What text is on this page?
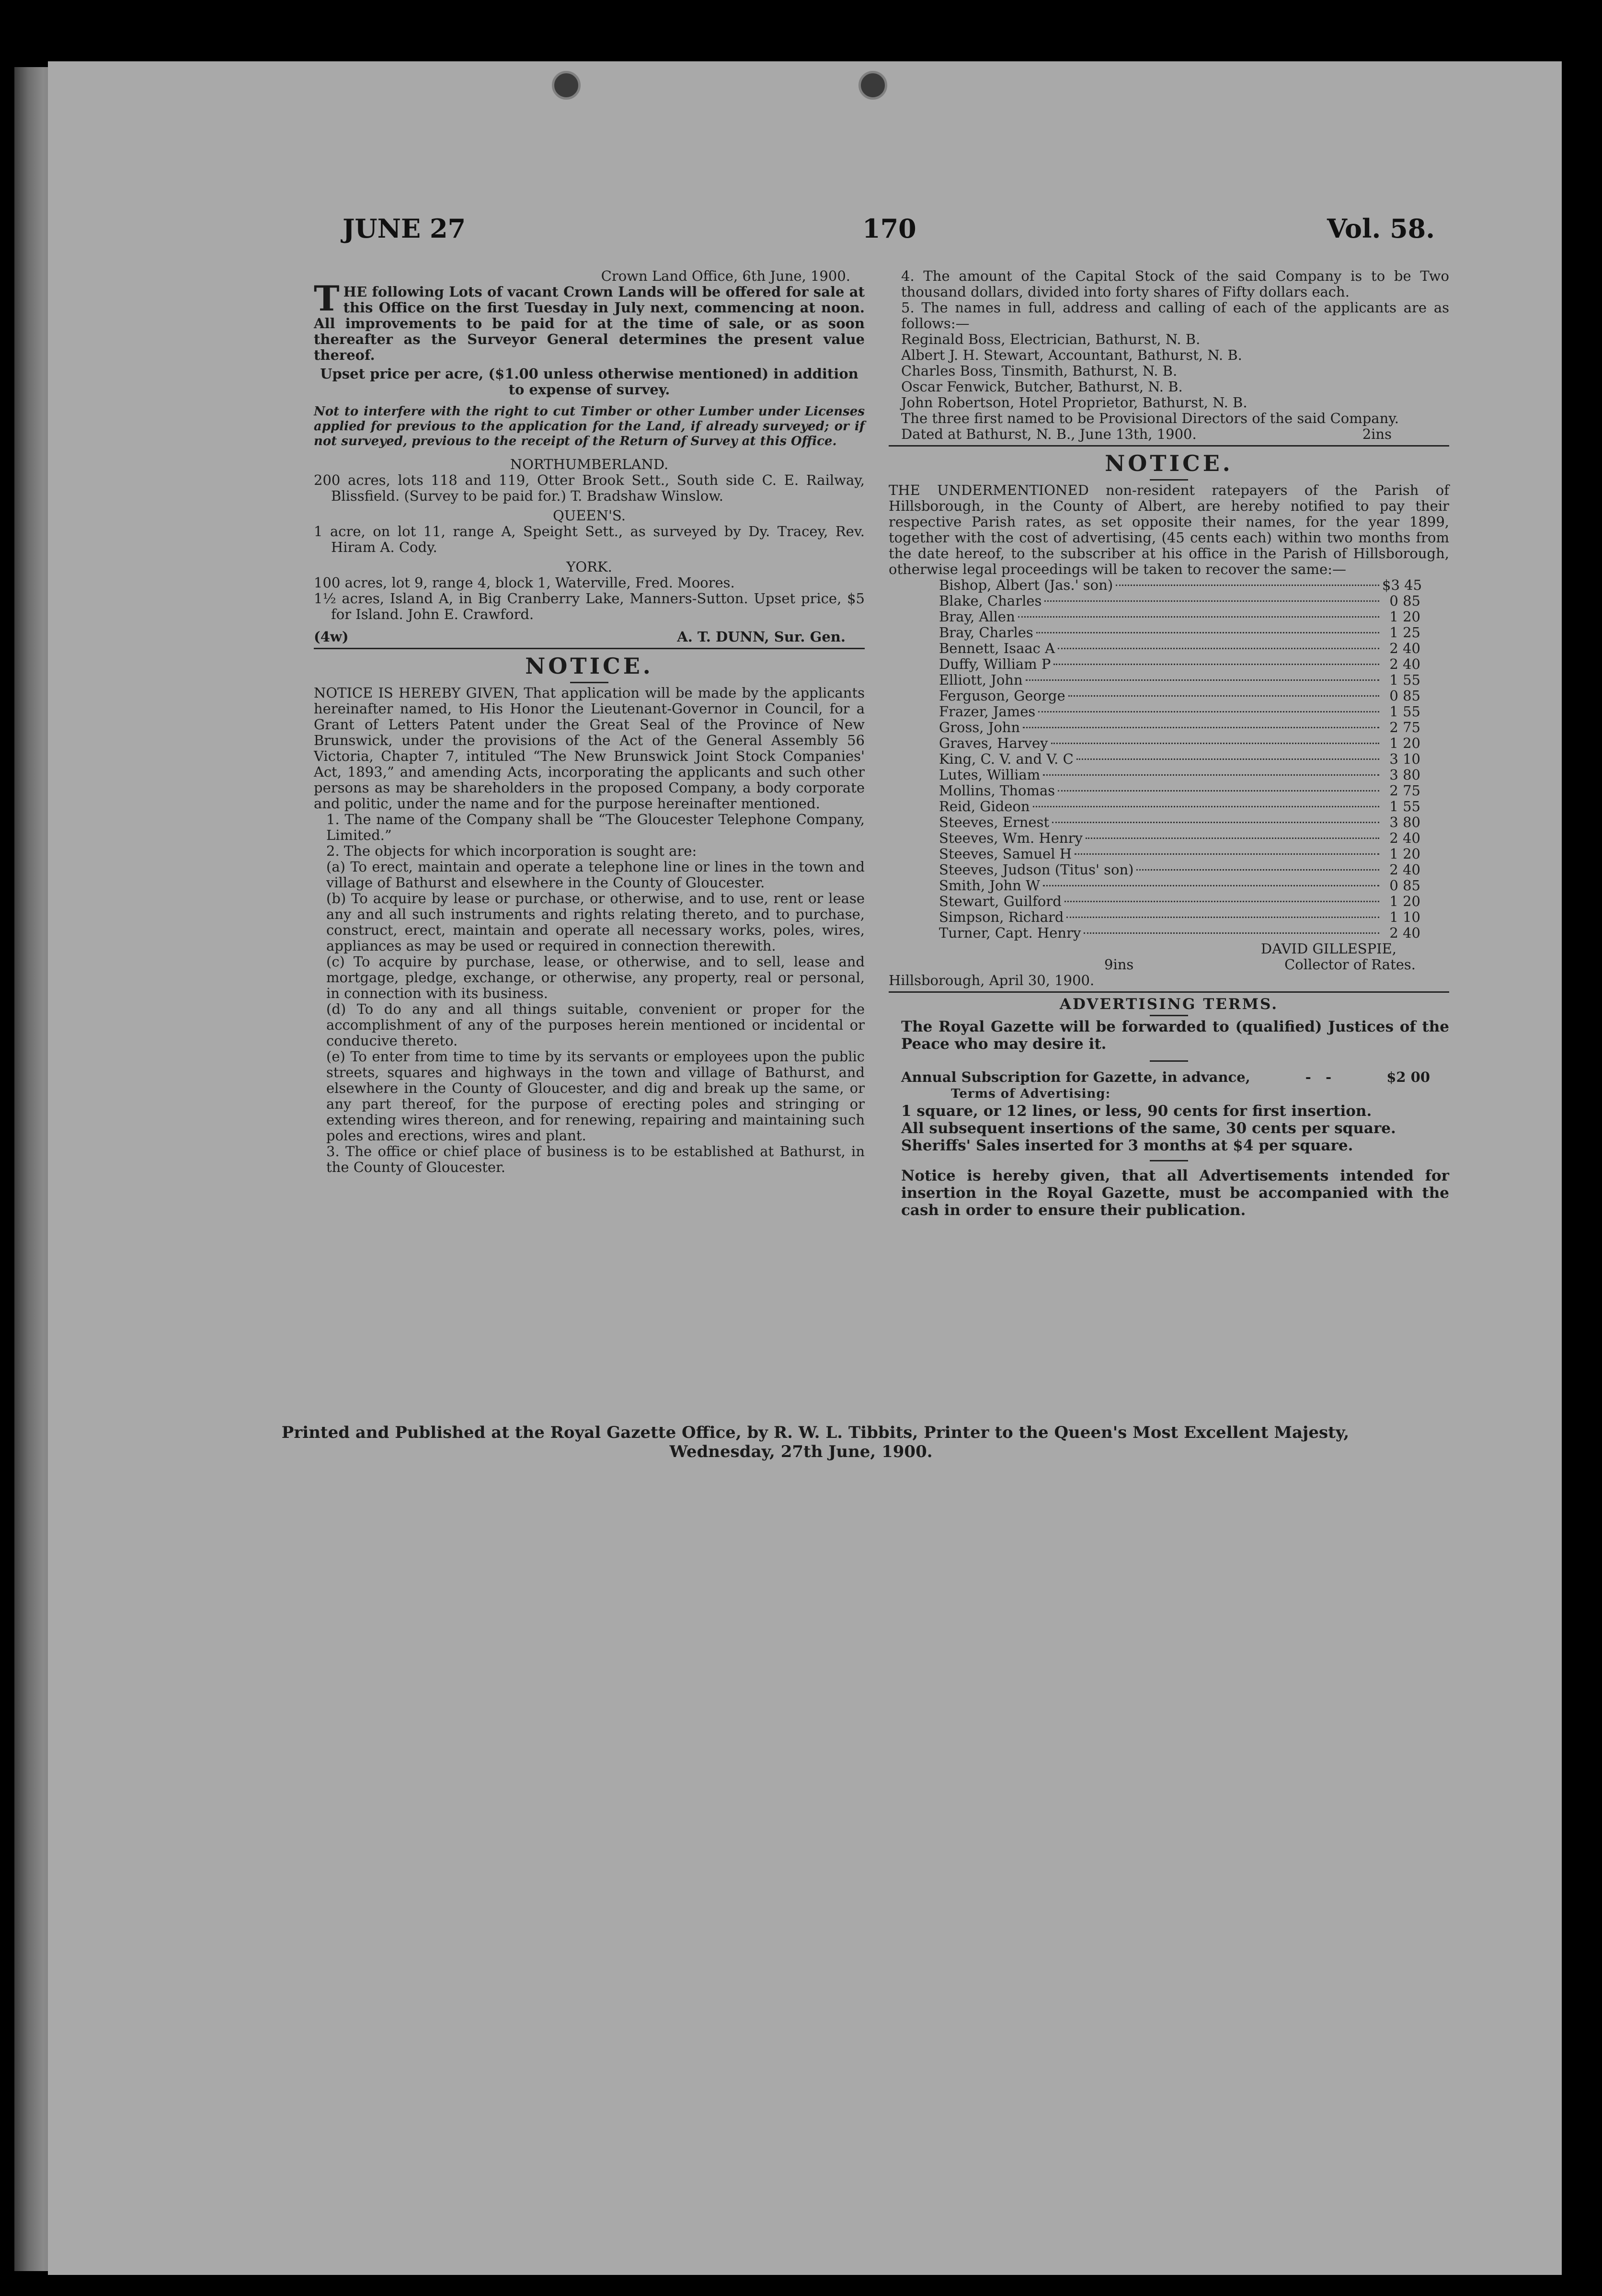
JUNE 27	170	Vol. 58.

Crown Land Office, 6th June, 1900.

THE following Lots of vacant Crown Lands will be offered for sale at this Office on the first Tuesday in July next, commencing at noon. All improvements to be paid for at the time of sale, or as soon thereafter as the Surveyor General determines the present value thereof.

Upset price per acre, ($1.00 unless otherwise mentioned) in addition to expense of survey.

Not to interfere with the right to cut Timber or other Lumber under Licenses applied for previous to the application for the Land, if already surveyed; or if not surveyed, previous to the receipt of the Return of Survey at this Office.

NORTHUMBERLAND.

200 acres, lots 118 and 119, Otter Brook Sett., South side C. E. Railway, Blissfield. (Survey to be paid for.) T. Bradshaw Winslow.

QUEEN'S.

1 acre, on lot 11, range A, Speight Sett., as surveyed by Dy. Tracey, Rev. Hiram A. Cody.

YORK.

100 acres, lot 9, range 4, block 1, Waterville, Fred. Moores.

1½ acres, Island A, in Big Cranberry Lake, Manners-Sutton. Upset price, $5 for Island. John E. Crawford.

(4w)	A. T. DUNN, Sur. Gen.

NOTICE.

NOTICE IS HEREBY GIVEN, That application will be made by the applicants hereinafter named, to His Honor the Lieutenant-Governor in Council, for a Grant of Letters Patent under the Great Seal of the Province of New Brunswick, under the provisions of the Act of the General Assembly 56 Victoria, Chapter 7, intituled “The New Brunswick Joint Stock Companies' Act, 1893,” and amending Acts, incorporating the applicants and such other persons as may be shareholders in the proposed Company, a body corporate and politic, under the name and for the purpose hereinafter mentioned.

1. The name of the Company shall be “The Gloucester Telephone Company, Limited.”

2. The objects for which incorporation is sought are:

(a) To erect, maintain and operate a telephone line or lines in the town and village of Bathurst and elsewhere in the County of Gloucester.

(b) To acquire by lease or purchase, or otherwise, and to use, rent or lease any and all such instruments and rights relating thereto, and to purchase, construct, erect, maintain and operate all necessary works, poles, wires, appliances as may be used or required in connection therewith.

(c) To acquire by purchase, lease, or otherwise, and to sell, lease and mortgage, pledge, exchange, or otherwise, any property, real or personal, in connection with its business.

(d) To do any and all things suitable, convenient or proper for the accomplishment of any of the purposes herein mentioned or incidental or conducive thereto.

(e) To enter from time to time by its servants or employees upon the public streets, squares and highways in the town and village of Bathurst, and elsewhere in the County of Gloucester, and dig and break up the same, or any part thereof, for the purpose of erecting poles and stringing or extending wires thereon, and for renewing, repairing and maintaining such poles and erections, wires and plant.

3. The office or chief place of business is to be established at Bathurst, in the County of Gloucester.

4. The amount of the Capital Stock of the said Company is to be Two thousand dollars, divided into forty shares of Fifty dollars each.

5. The names in full, address and calling of each of the applicants are as follows:—

Reginald Boss, Electrician, Bathurst, N. B.

Albert J. H. Stewart, Accountant, Bathurst, N. B.

Charles Boss, Tinsmith, Bathurst, N. B.

Oscar Fenwick, Butcher, Bathurst, N. B.

John Robertson, Hotel Proprietor, Bathurst, N. B.

The three first named to be Provisional Directors of the said Company.

Dated at Bathurst, N. B., June 13th, 1900.	2ins

NOTICE.

THE UNDERMENTIONED non-resident ratepayers of the Parish of Hillsborough, in the County of Albert, are hereby notified to pay their respective Parish rates, as set opposite their names, for the year 1899, together with the cost of advertising, (45 cents each) within two months from the date hereof, to the subscriber at his office in the Parish of Hillsborough, otherwise legal proceedings will be taken to recover the same:—

Bishop, Albert (Jas.' son)	$3 45
Blake, Charles	0 85
Bray, Allen	1 20
Bray, Charles	1 25
Bennett, Isaac A	2 40
Duffy, William P	2 40
Elliott, John	1 55
Ferguson, George	0 85
Frazer, James	1 55
Gross, John	2 75
Graves, Harvey	1 20
King, C. V. and V. C	3 10
Lutes, William	3 80
Mollins, Thomas	2 75
Reid, Gideon	1 55
Steeves, Ernest	3 80
Steeves, Wm. Henry	2 40
Steeves, Samuel H	1 20
Steeves, Judson (Titus' son)	2 40
Smith, John W	0 85
Stewart, Guilford	1 20
Simpson, Richard	1 10
Turner, Capt. Henry	2 40

DAVID GILLESPIE,

9ins	Collector of Rates.

Hillsborough, April 30, 1900.

ADVERTISING TERMS.

The Royal Gazette will be forwarded to (qualified) Justices of the Peace who may desire it.

Annual Subscription for Gazette, in advance,	-   -	$2 00

Terms of Advertising:

1 square, or 12 lines, or less, 90 cents for first insertion.

All subsequent insertions of the same, 30 cents per square.

Sheriffs' Sales inserted for 3 months at $4 per square.

Notice is hereby given, that all Advertisements intended for insertion in the Royal Gazette, must be accompanied with the cash in order to ensure their publication.

Printed and Published at the Royal Gazette Office, by R. W. L. Tibbits, Printer to the Queen's Most Excellent Majesty,
Wednesday, 27th June, 1900.
